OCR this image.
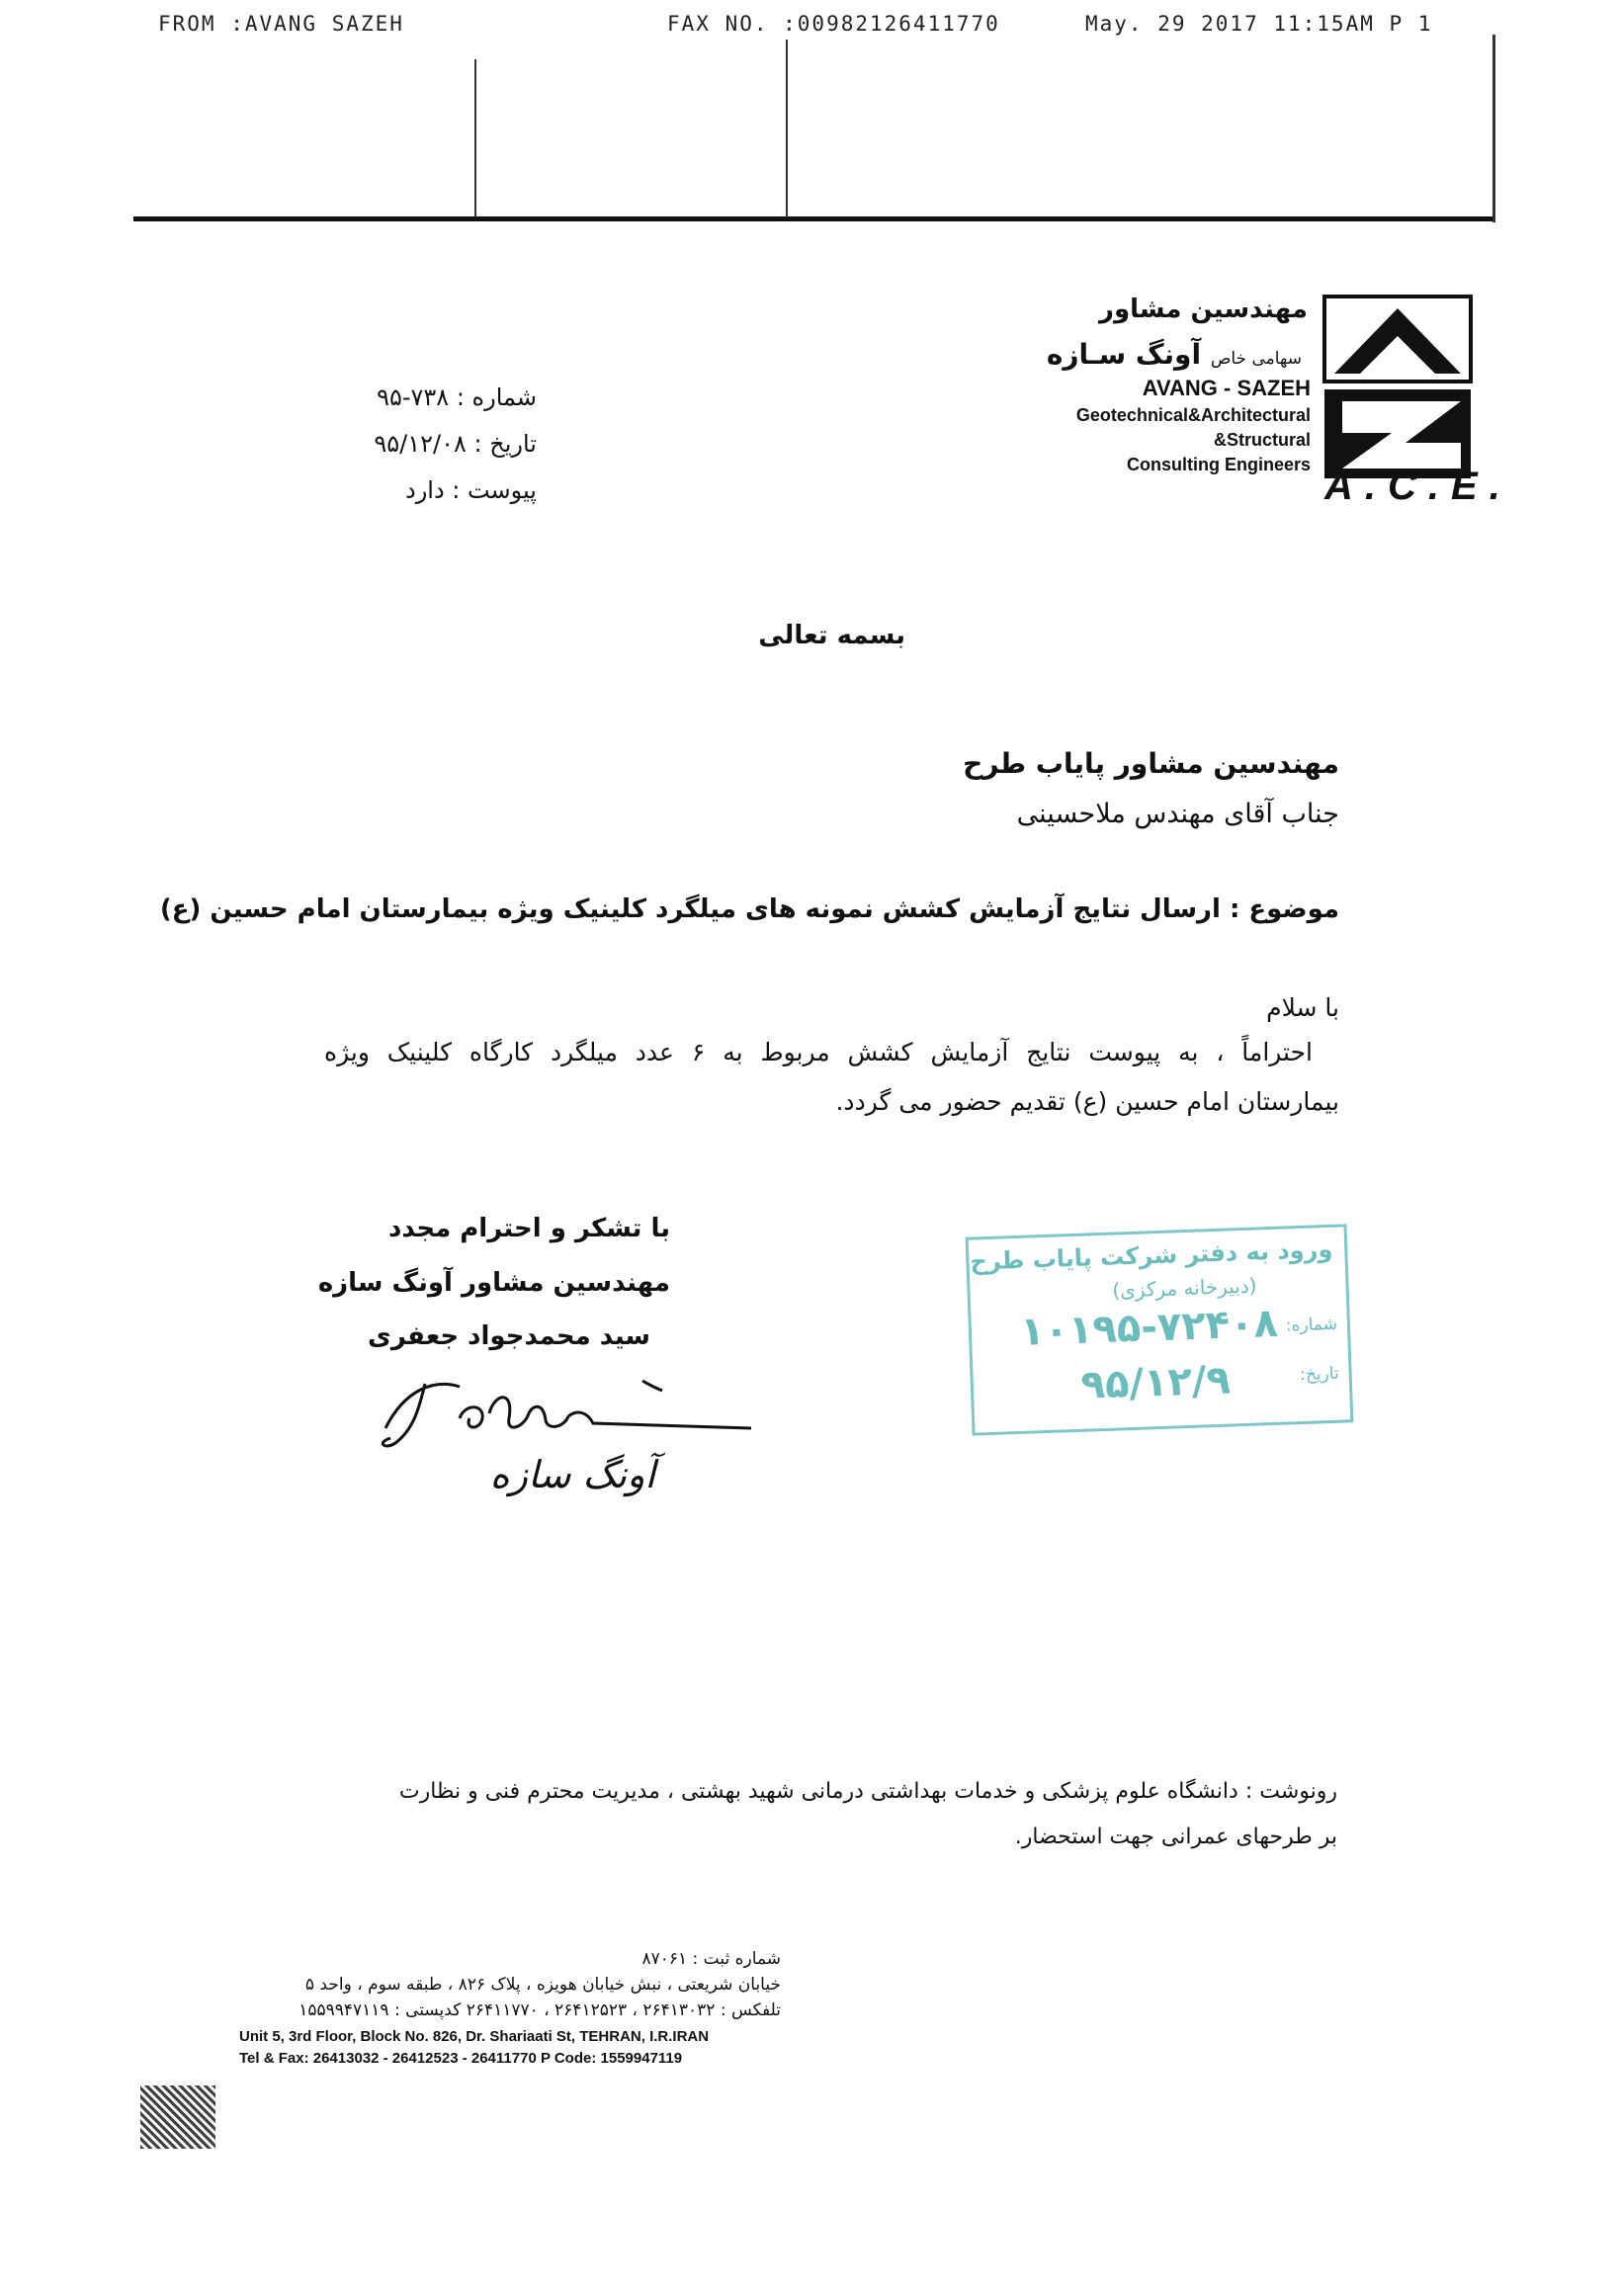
FROM :AVANG SAZEH	FAX NO. :00982126411770	May. 29 2017 11:15AM P 1
مهندسین مشاور
سهامی خاص آونگ سـازه
AVANG - SAZEH
Geotechnical&Architectural
&Structural
Consulting Engineers A.C.E.
شماره : ۷۳۸-۹۵
تاریخ : ۹۵/۱۲/۰۸
پیوست : دارد
بسمه تعالی
مهندسین مشاور پایاب طرح
جناب آقای مهندس ملاحسینی
موضوع : ارسال نتایج آزمایش کشش نمونه های میلگرد کلینیک ویژه بیمارستان امام حسین (ع)
با سلام
احتراماً ، به پیوست نتایج آزمایش کشش مربوط به ۶ عدد میلگرد کارگاه کلینیک ویژه
بیمارستان امام حسین (ع) تقدیم حضور می گردد.
با تشکر و احترام مجدد
مهندسین مشاور آونگ سازه
سید محمدجواد جعفری
آونگ سازه
ورود به دفتر شرکت پایاب طرح
(دبیرخانه مرکزی)
شماره:
۱۰۱۹۵-۷۲۴۰۸
تاریخ:
۹۵/۱۲/۹
رونوشت : دانشگاه علوم پزشکی و خدمات بهداشتی درمانی شهید بهشتی ، مدیریت محترم فنی و نظارت
بر طرحهای عمرانی جهت استحضار.
شماره ثبت : ۸۷۰۶۱
خیابان شریعتی ، نبش خیابان هویزه ، پلاک ۸۲۶ ، طبقه سوم ، واحد ۵
تلفکس : ۲۶۴۱۳۰۳۲ ، ۲۶۴۱۲۵۲۳ ، ۲۶۴۱۱۷۷۰ کدپستی : ۱۵۵۹۹۴۷۱۱۹
Unit 5, 3rd Floor, Block No. 826, Dr. Shariaati St, TEHRAN, I.R.IRAN
Tel & Fax: 26413032 - 26412523 - 26411770 P Code: 1559947119
